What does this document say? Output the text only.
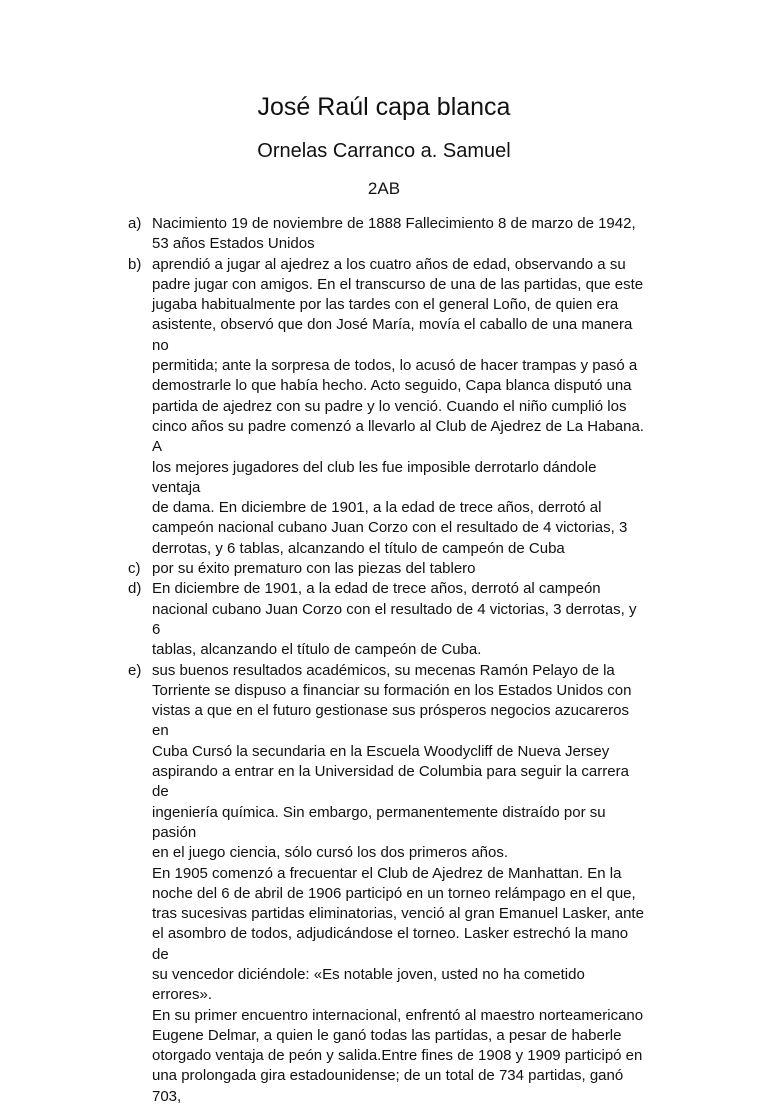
José Raúl capa blanca
Ornelas Carranco a. Samuel
2AB
a) Nacimiento 19 de noviembre de 1888 Fallecimiento 8 de marzo de 1942,
53 años Estados Unidos
b) aprendió a jugar al ajedrez a los cuatro años de edad, observando a su
padre jugar con amigos. En el transcurso de una de las partidas, que este
jugaba habitualmente por las tardes con el general Loño, de quien era
asistente, observó que don José María, movía el caballo de una manera no
permitida; ante la sorpresa de todos, lo acusó de hacer trampas y pasó a
demostrarle lo que había hecho. Acto seguido, Capa blanca disputó una
partida de ajedrez con su padre y lo venció. Cuando el niño cumplió los
cinco años su padre comenzó a llevarlo al Club de Ajedrez de La Habana. A
los mejores jugadores del club les fue imposible derrotarlo dándole ventaja
de dama. En diciembre de 1901, a la edad de trece años, derrotó al
campeón nacional cubano Juan Corzo con el resultado de 4 victorias, 3
derrotas, y 6 tablas, alcanzando el título de campeón de Cuba
c) por su éxito prematuro con las piezas del tablero
d) En diciembre de 1901, a la edad de trece años, derrotó al campeón
nacional cubano Juan Corzo con el resultado de 4 victorias, 3 derrotas, y 6
tablas, alcanzando el título de campeón de Cuba.
e) sus buenos resultados académicos, su mecenas Ramón Pelayo de la
Torriente se dispuso a financiar su formación en los Estados Unidos con
vistas a que en el futuro gestionase sus prósperos negocios azucareros en
Cuba Cursó la secundaria en la Escuela Woodycliff de Nueva Jersey
aspirando a entrar en la Universidad de Columbia para seguir la carrera de
ingeniería química. Sin embargo, permanentemente distraído por su pasión
en el juego ciencia, sólo cursó los dos primeros años.
En 1905 comenzó a frecuentar el Club de Ajedrez de Manhattan. En la
noche del 6 de abril de 1906 participó en un torneo relámpago en el que,
tras sucesivas partidas eliminatorias, venció al gran Emanuel Lasker, ante
el asombro de todos, adjudicándose el torneo. Lasker estrechó la mano de
su vencedor diciéndole: «Es notable joven, usted no ha cometido errores».
En su primer encuentro internacional, enfrentó al maestro norteamericano
Eugene Delmar, a quien le ganó todas las partidas, a pesar de haberle
otorgado ventaja de peón y salida.Entre fines de 1908 y 1909 participó en
una prolongada gira estadounidense; de un total de 734 partidas, ganó 703,
